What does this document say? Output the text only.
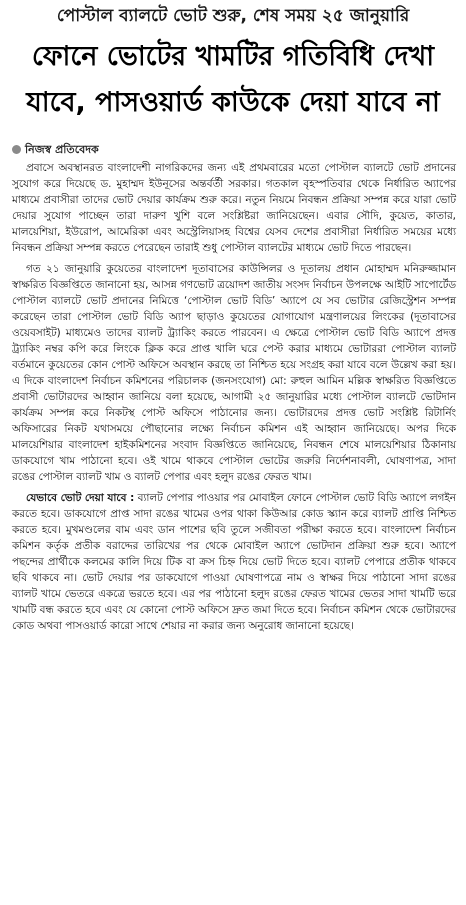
পোস্টাল ব্যালটে ভোট শুরু, শেষ সময় ২৫ জানুয়ারি
ফোনে ভোটের খামটির গতিবিধি দেখা
যাবে, পাসওয়ার্ড কাউকে দেয়া যাবে না
নিজস্ব প্রতিবেদক

প্রবাসে অবস্থানরত বাংলাদেশী নাগরিকদের জন্য এই প্রথমবারের মতো পোস্টাল ব্যালটে ভোট প্রদানের সুযোগ করে দিয়েছে ড. মুহাম্মদ ইউনূসের অন্তর্বর্তী সরকার। গতকাল বৃহস্পতিবার থেকে নির্ধারিত অ্যাপের মাধ্যমে প্রবাসীরা তাদের ভোট দেয়ার কার্যক্রম শুরু করে। নতুন নিয়মে নিবন্ধন প্রক্রিয়া সম্পন্ন করে যারা ভোট দেয়ার সুযোগ পাচ্ছেন তারা দারুণ খুশি বলে সংশ্লিষ্টরা জানিয়েছেন। এবার সৌদি, কুয়েত, কাতার, মালয়েশিয়া, ইউরোপ, আমেরিকা এবং অস্ট্রেলিয়াসহ বিশ্বের যেসব দেশের প্রবাসীরা নির্ধারিত সময়ের মধ্যে নিবন্ধন প্রক্রিয়া সম্পন্ন করতে পেরেছেন তারাই শুধু পোস্টাল ব্যালটের মাধ্যমে ভোট দিতে পারছেন।

গত ২১ জানুয়ারি কুয়েতের বাংলাদেশ দূতাবাসের কাউন্সিলর ও দূতালয় প্রধান মোহাম্মদ মনিরুজ্জামান স্বাক্ষরিত বিজ্ঞপ্তিতে জানানো হয়, আসন্ন গণভোট ত্রয়োদশ জাতীয় সংসদ নির্বাচন উপলক্ষে আইটি সাপোর্টেড পোস্টাল ব্যালটে ভোট প্রদানের নিমিত্তে ‘পোস্টাল ভোট বিডি’ অ্যাপে যে সব ভোটার রেজিস্ট্রেশন সম্পন্ন করেছেন তারা পোস্টাল ভোট বিডি অ্যাপ ছাড়াও কুয়েতের যোগাযোগ মন্ত্রণালয়ের লিংকের (দূতাবাসের ওয়েবসাইট) মাধ্যমেও তাদের ব্যালট ট্র্যাকিং করতে পারবেন। এ ক্ষেত্রে পোস্টাল ভোট বিডি অ্যাপে প্রদত্ত ট্র্যাকিং নম্বর কপি করে লিংকে ক্লিক করে প্রাপ্ত খালি ঘরে পেস্ট করার মাধ্যমে ভোটাররা পোস্টাল ব্যালট বর্তমানে কুয়েতের কোন পোস্ট অফিসে অবস্থান করছে তা নিশ্চিত হয়ে সংগ্রহ করা যাবে বলে উল্লেখ করা হয়। এ দিকে বাংলাদেশ নির্বাচন কমিশনের পরিচালক (জনসংযোগ) মো: রুহুল আমিন মল্লিক স্বাক্ষরিত বিজ্ঞপ্তিতে প্রবাসী ভোটারদের আহ্বান জানিয়ে বলা হয়েছে, আগামী ২৫ জানুয়ারির মধ্যে পোস্টাল ব্যালটে ভোটদান কার্যক্রম সম্পন্ন করে নিকটস্থ পোস্ট অফিসে পাঠানোর জন্য। ভোটারদের প্রদত্ত ভোট সংশ্লিষ্ট রিটার্নিং অফিসারের নিকট যথাসময়ে পৌছানোর লক্ষ্যে নির্বাচন কমিশন এই আহ্বান জানিয়েছে। অপর দিকে মালয়েশিয়ার বাংলাদেশ হাইকমিশনের সংবাদ বিজ্ঞপ্তিতে জানিয়েছে, নিবন্ধন শেষে মালয়েশিয়ার ঠিকানায় ডাকযোগে খাম পাঠানো হবে। ওই খামে থাকবে পোস্টাল ভোটের জরুরি নির্দেশনাবলী, ঘোষণাপত্র, সাদা রঙের পোস্টাল ব্যালট খাম ও ব্যালট পেপার এবং হলুদ রঙের ফেরত খাম।

যেভাবে ভোট দেয়া যাবে : ব্যালট পেপার পাওয়ার পর মোবাইল ফোনে পোস্টাল ভোট বিডি অ্যাপে লগইন করতে হবে। ডাকযোগে প্রাপ্ত সাদা রঙের খামের ওপর থাকা কিউআর কোড স্ক্যান করে ব্যালট প্রাপ্তি নিশ্চিত করতে হবে। মুখমণ্ডলের বাম এবং ডান পাশের ছবি তুলে সজীবতা পরীক্ষা করতে হবে। বাংলাদেশ নির্বাচন কমিশন কর্তৃক প্রতীক বরাদ্দের তারিখের পর থেকে মোবাইল অ্যাপে ভোটদান প্রক্রিয়া শুরু হবে। অ্যাপে পছন্দের প্রার্থীকে কলমের কালি দিয়ে টিক বা ক্রস চিহ্ন দিয়ে ভোট দিতে হবে। ব্যালট পেপারে প্রতীক থাকবে ছবি থাকবে না। ভোট দেয়ার পর ডাকযোগে পাওয়া ঘোষণাপত্রে নাম ও স্বাক্ষর দিয়ে পাঠানো সাদা রঙের ব্যালট খামে ভেতরে একত্রে ভরতে হবে। এর পর পাঠানো হলুদ রঙের ফেরত খামের ভেতর সাদা খামটি ভরে খামটি বন্ধ করতে হবে এবং যে কোনো পোস্ট অফিসে দ্রুত জমা দিতে হবে। নির্বাচন কমিশন থেকে ভোটারদের কোড অথবা পাসওয়ার্ড কারো সাথে শেয়ার না করার জন্য অনুরোধ জানানো হয়েছে।
